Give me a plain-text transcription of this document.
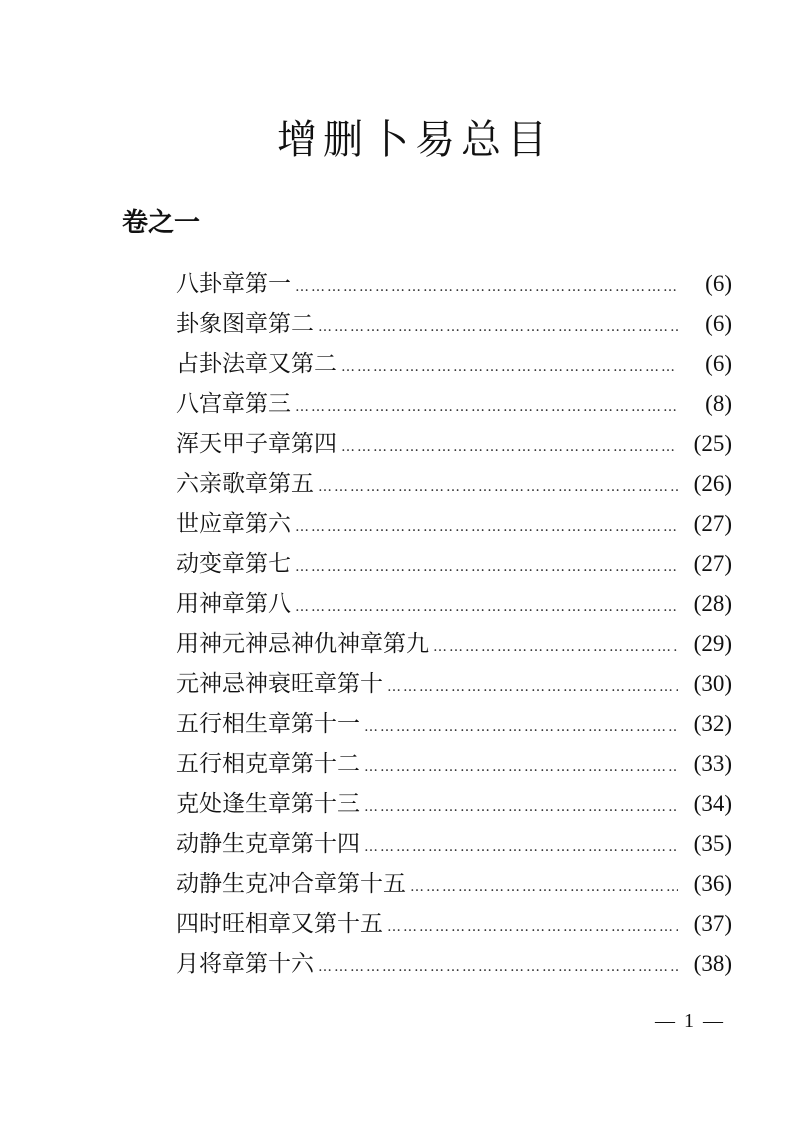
增删卜易总目
卷之一
八卦章第一 ………………………………………………………………………………………………………………	(6)
卦象图章第二 ………………………………………………………………………………………………………………	(6)
占卦法章又第二 ………………………………………………………………………………………………………………	(6)
八宫章第三 ………………………………………………………………………………………………………………	(8)
浑天甲子章第四 ………………………………………………………………………………………………………………	(25)
六亲歌章第五 ………………………………………………………………………………………………………………	(26)
世应章第六 ………………………………………………………………………………………………………………	(27)
动变章第七 ………………………………………………………………………………………………………………	(27)
用神章第八 ………………………………………………………………………………………………………………	(28)
用神元神忌神仇神章第九 ………………………………………………………………………………………………………………	(29)
元神忌神衰旺章第十 ………………………………………………………………………………………………………………	(30)
五行相生章第十一 ………………………………………………………………………………………………………………	(32)
五行相克章第十二 ………………………………………………………………………………………………………………	(33)
克处逢生章第十三 ………………………………………………………………………………………………………………	(34)
动静生克章第十四 ………………………………………………………………………………………………………………	(35)
动静生克冲合章第十五 ………………………………………………………………………………………………………………	(36)
四时旺相章又第十五 ………………………………………………………………………………………………………………	(37)
月将章第十六 ………………………………………………………………………………………………………………	(38)
— 1 —
